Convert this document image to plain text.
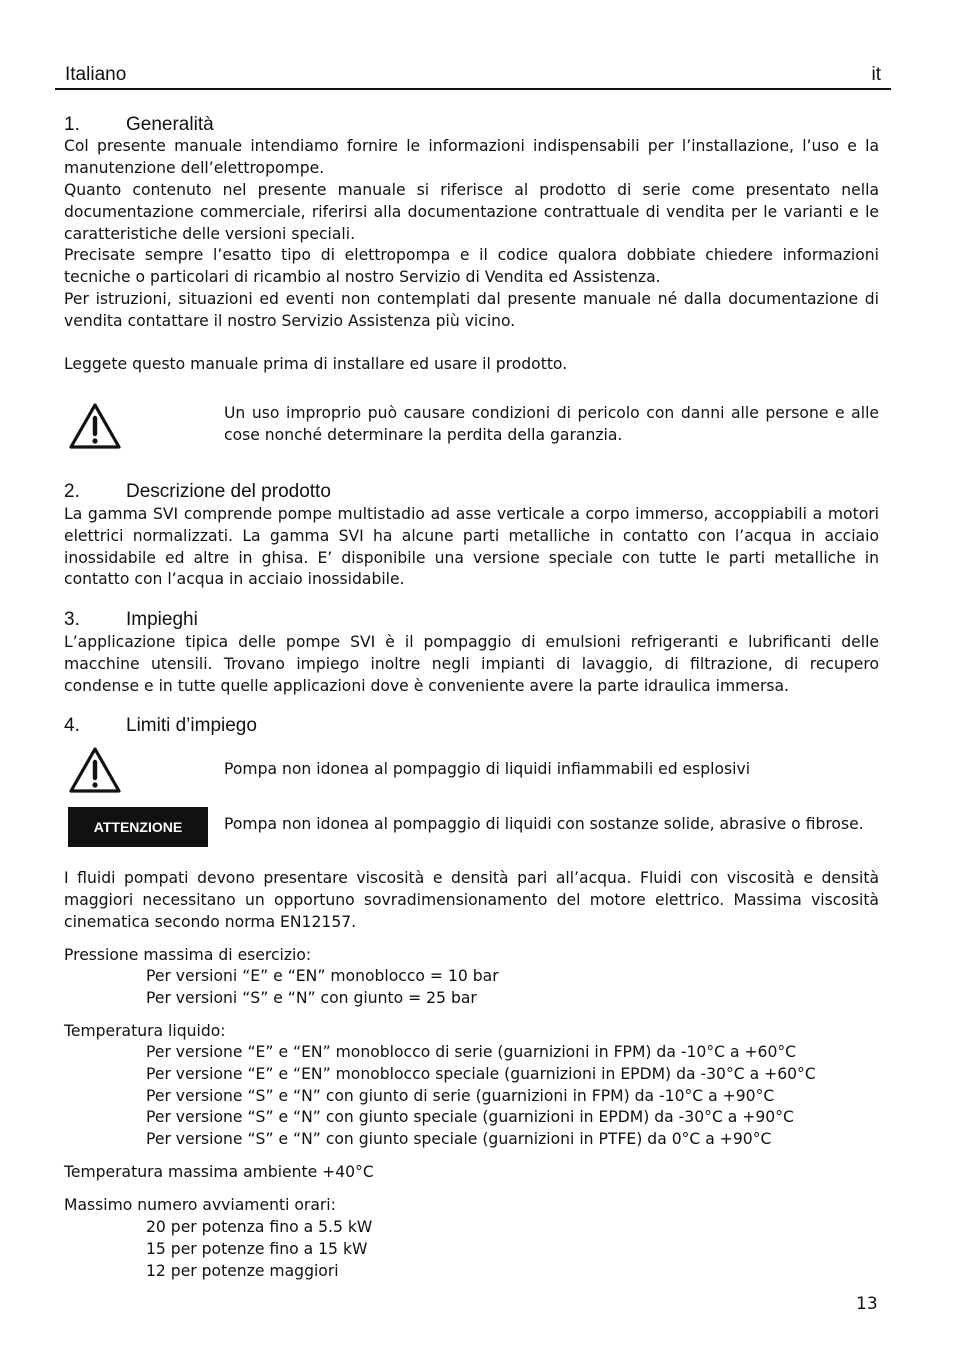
Italiano	it
1. Generalità

Col presente manuale intendiamo fornire le informazioni indispensabili per l’installazione, l’uso e la manutenzione dell’elettropompe.

Quanto contenuto nel presente manuale si riferisce al prodotto di serie come presentato nella documentazione commerciale, riferirsi alla documentazione contrattuale di vendita per le varianti e le caratteristiche delle versioni speciali.

Precisate sempre l’esatto tipo di elettropompa e il codice qualora dobbiate chiedere informazioni tecniche o particolari di ricambio al nostro Servizio di Vendita ed Assistenza.

Per istruzioni, situazioni ed eventi non contemplati dal presente manuale né dalla documentazione di vendita contattare il nostro Servizio Assistenza più vicino.

Leggete questo manuale prima di installare ed usare il prodotto.

Un uso improprio può causare condizioni di pericolo con danni alle persone e alle cose nonché determinare la perdita della garanzia.

2. Descrizione del prodotto

La gamma SVI comprende pompe multistadio ad asse verticale a corpo immerso, accoppiabili a motori elettrici normalizzati. La gamma SVI ha alcune parti metalliche in contatto con l’acqua in acciaio inossidabile ed altre in ghisa. E’ disponibile una versione speciale con tutte le parti metalliche in contatto con l’acqua in acciaio inossidabile.

3. Impieghi

L’applicazione tipica delle pompe SVI è il pompaggio di emulsioni refrigeranti e lubrificanti delle macchine utensili. Trovano impiego inoltre negli impianti di lavaggio, di filtrazione, di recupero condense e in tutte quelle applicazioni dove è conveniente avere la parte idraulica immersa.

4. Limiti d’impiego

Pompa non idonea al pompaggio di liquidi infiammabili ed esplosivi

ATTENZIONE	Pompa non idonea al pompaggio di liquidi con sostanze solide, abrasive o fibrose.

I fluidi pompati devono presentare viscosità e densità pari all’acqua. Fluidi con viscosità e densità maggiori necessitano un opportuno sovradimensionamento del motore elettrico. Massima viscosità cinematica secondo norma EN12157.

Pressione massima di esercizio:

Per versioni “E” e “EN” monoblocco = 10 bar
Per versioni “S” e “N” con giunto = 25 bar

Temperatura liquido:

Per versione “E” e “EN” monoblocco di serie (guarnizioni in FPM) da -10°C a +60°C
Per versione “E” e “EN” monoblocco speciale (guarnizioni in EPDM) da -30°C a +60°C
Per versione “S” e “N” con giunto di serie (guarnizioni in FPM) da -10°C a +90°C
Per versione “S” e “N” con giunto speciale (guarnizioni in EPDM) da -30°C a +90°C
Per versione “S” e “N” con giunto speciale (guarnizioni in PTFE) da 0°C a +90°C

Temperatura massima ambiente +40°C

Massimo numero avviamenti orari:

20 per potenza fino a 5.5 kW
15 per potenze fino a 15 kW
12 per potenze maggiori
13
